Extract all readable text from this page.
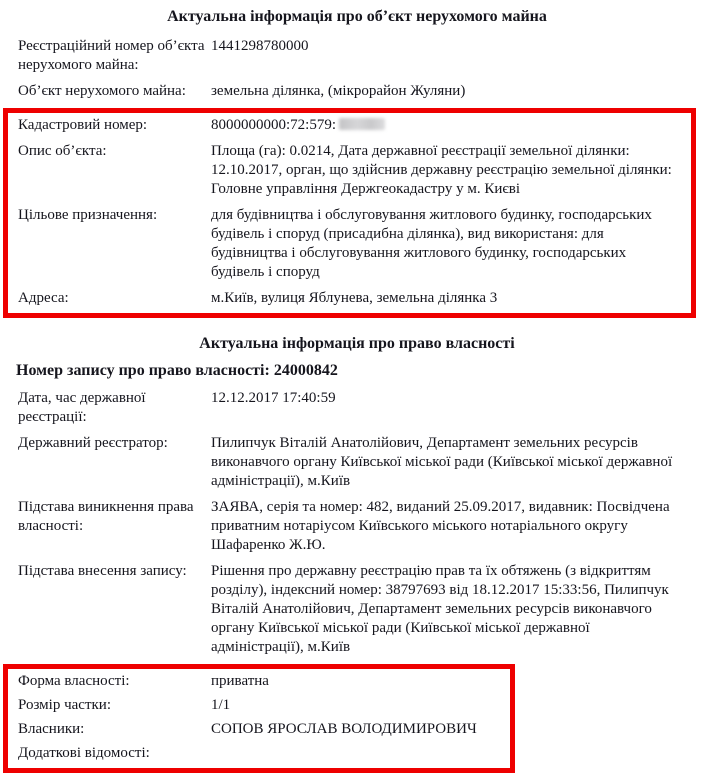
Актуальна інформація про об’єкт нерухомого майна
Реєстраційний номер об’єкта нерухомого майна:
1441298780000
Об’єкт нерухомого майна:	земельна ділянка, (мікрорайон Жуляни)
Кадастровий номер:	8000000000:72:579:
Опис об’єкта:	Площа (га): 0.0214, Дата державної реєстрації земельної ділянки: 12.10.2017, орган, що здійснив державну реєстрацію земельної ділянки: Головне управління Держгеокадастру у м. Києві
Цільове призначення:	для будівництва і обслуговування житлового будинку, господарських будівель і споруд (присадибна ділянка), вид використаня: для будівництва і обслуговування житлового будинку, господарських будівель і споруд
Адреса:	м.Київ, вулиця Яблунева, земельна ділянка 3
Актуальна інформація про право власності
Номер запису про право власності: 24000842
Дата, час державної реєстрації:
12.12.2017 17:40:59
Державний реєстратор:	Пилипчук Віталій Анатолійович, Департамент земельних ресурсів виконавчого органу Київської міської ради (Київської міської державної адміністрації), м.Київ
Підстава виникнення права власності:
ЗАЯВА, серія та номер: 482, виданий 25.09.2017, видавник: Посвідчена приватним нотаріусом Київського міського нотаріального округу Шафаренко Ж.Ю.
Підстава внесення запису:	Рішення про державну реєстрацію прав та їх обтяжень (з відкриттям розділу), індексний номер: 38797693 від 18.12.2017 15:33:56, Пилипчук Віталій Анатолійович, Департамент земельних ресурсів виконавчого органу Київської міської ради (Київської міської державної адміністрації), м.Київ
Форма власності:	приватна
Розмір частки:	1/1
Власники:	СОПОВ ЯРОСЛАВ ВОЛОДИМИРОВИЧ
Додаткові відомості:
